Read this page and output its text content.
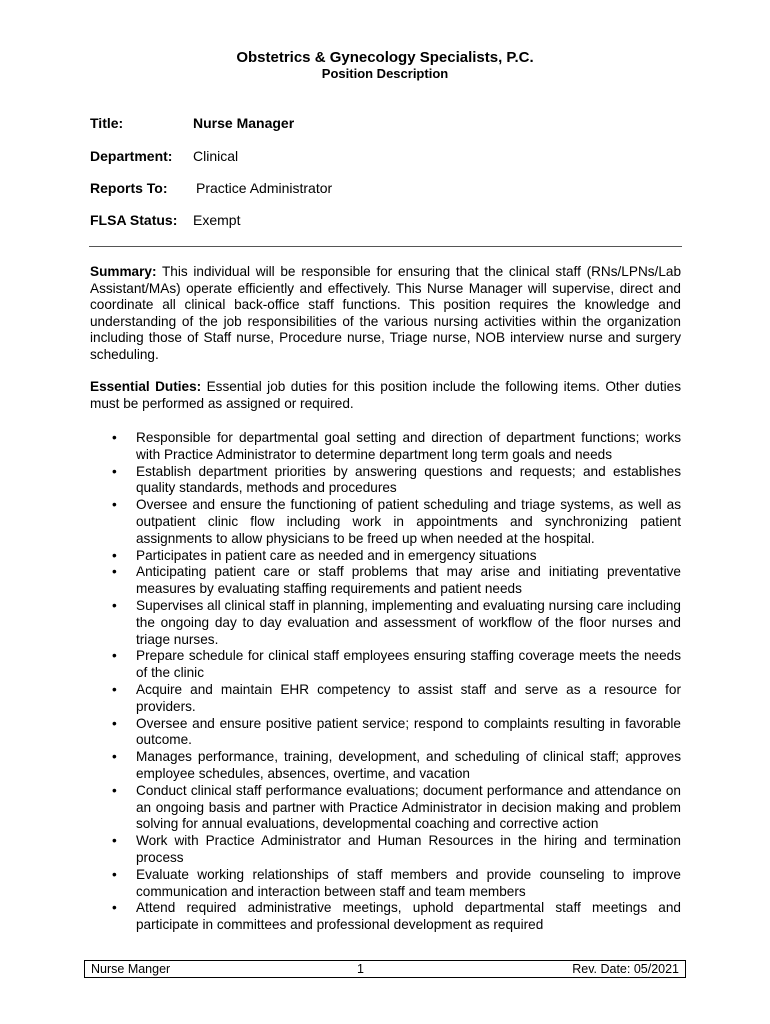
Obstetrics & Gynecology Specialists, P.C.
Position Description
Title:	Nurse Manager
Department: Clinical
Reports To: Practice Administrator
FLSA Status: Exempt

Summary: This individual will be responsible for ensuring that the clinical staff (RNs/LPNs/Lab Assistant/MAs) operate efficiently and effectively. This Nurse Manager will supervise, direct and coordinate all clinical back-office staff functions. This position requires the knowledge and understanding of the job responsibilities of the various nursing activities within the organization including those of Staff nurse, Procedure nurse, Triage nurse, NOB interview nurse and surgery scheduling.

Essential Duties: Essential job duties for this position include the following items. Other duties must be performed as assigned or required.

• Responsible for departmental goal setting and direction of department functions; works with Practice Administrator to determine department long term goals and needs
• Establish department priorities by answering questions and requests; and establishes quality standards, methods and procedures
• Oversee and ensure the functioning of patient scheduling and triage systems, as well as outpatient clinic flow including work in appointments and synchronizing patient assignments to allow physicians to be freed up when needed at the hospital.
• Participates in patient care as needed and in emergency situations
• Anticipating patient care or staff problems that may arise and initiating preventative measures by evaluating staffing requirements and patient needs
• Supervises all clinical staff in planning, implementing and evaluating nursing care including the ongoing day to day evaluation and assessment of workflow of the floor nurses and triage nurses.
• Prepare schedule for clinical staff employees ensuring staffing coverage meets the needs of the clinic
• Acquire and maintain EHR competency to assist staff and serve as a resource for providers.
• Oversee and ensure positive patient service; respond to complaints resulting in favorable outcome.
• Manages performance, training, development, and scheduling of clinical staff; approves employee schedules, absences, overtime, and vacation
• Conduct clinical staff performance evaluations; document performance and attendance on an ongoing basis and partner with Practice Administrator in decision making and problem solving for annual evaluations, developmental coaching and corrective action
• Work with Practice Administrator and Human Resources in the hiring and termination process
• Evaluate working relationships of staff members and provide counseling to improve communication and interaction between staff and team members
• Attend required administrative meetings, uphold departmental staff meetings and participate in committees and professional development as required
Nurse Manger	1	Rev. Date: 05/2021
